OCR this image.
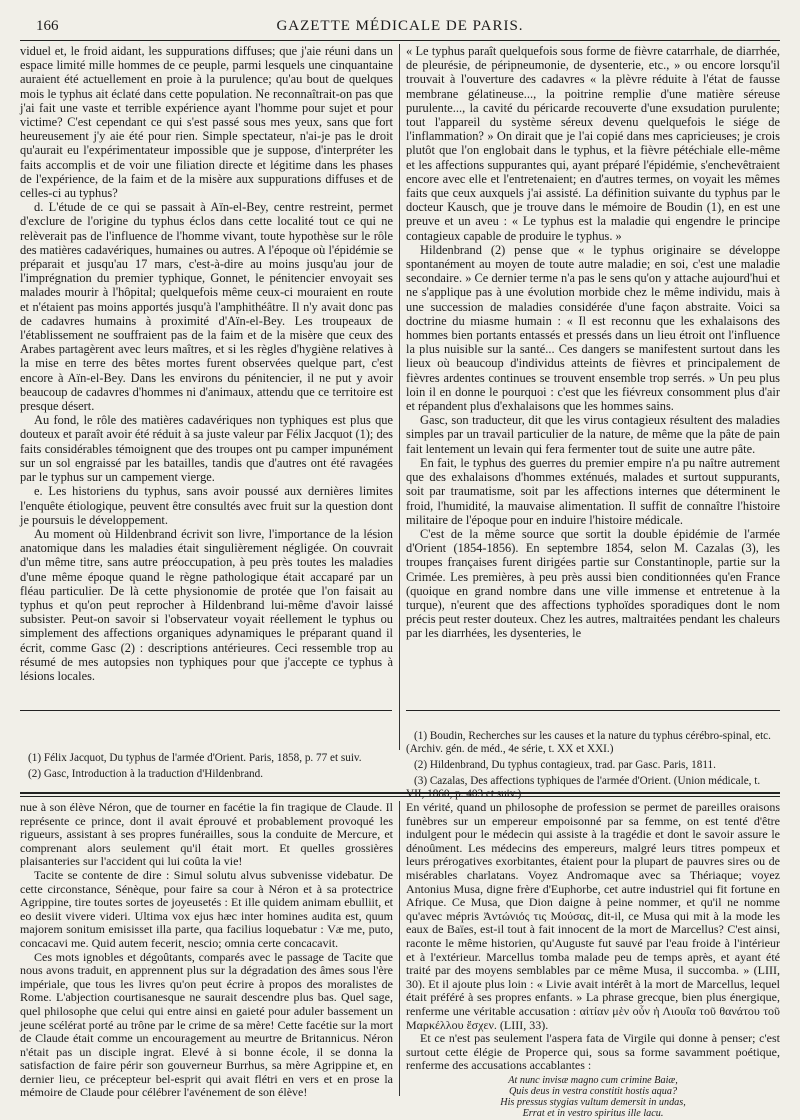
166	GAZETTE MÉDICALE DE PARIS.

viduel et, le froid aidant, les suppurations diffuses; que j'aie réuni dans un espace limité mille hommes de ce peuple, parmi lesquels une cinquantaine auraient été actuellement en proie à la purulence; qu'au bout de quelques mois le typhus ait éclaté dans cette population. Ne reconnaîtrait-on pas que j'ai fait une vaste et terrible expérience ayant l'homme pour sujet et pour victime? C'est cependant ce qui s'est passé sous mes yeux, sans que fort heureusement j'y aie été pour rien. Simple spectateur, n'ai-je pas le droit qu'aurait eu l'expérimentateur impossible que je suppose, d'interpréter les faits accomplis et de voir une filiation directe et légitime dans les phases de l'expérience, de la faim et de la misère aux suppurations diffuses et de celles-ci au typhus?

d. L'étude de ce qui se passait à Aïn-el-Bey, centre restreint, permet d'exclure de l'origine du typhus éclos dans cette localité tout ce qui ne relèverait pas de l'influence de l'homme vivant, toute hypothèse sur le rôle des matières cadavériques, humaines ou autres. A l'époque où l'épidémie se préparait et jusqu'au 17 mars, c'est-à-dire au moins jusqu'au jour de l'imprégnation du premier typhique, Gonnet, le pénitencier envoyait ses malades mourir à l'hôpital; quelquefois même ceux-ci mouraient en route et n'étaient pas moins apportés jusqu'à l'amphithéâtre. Il n'y avait donc pas de cadavres humains à proximité d'Aïn-el-Bey. Les troupeaux de l'établissement ne souffraient pas de la faim et de la misère que ceux des Arabes partagèrent avec leurs maîtres, et si les règles d'hygiène relatives à la mise en terre des bêtes mortes furent observées quelque part, c'est encore à Aïn-el-Bey. Dans les environs du pénitencier, il ne put y avoir beaucoup de cadavres d'hommes ni d'animaux, attendu que ce territoire est presque désert.

Au fond, le rôle des matières cadavériques non typhiques est plus que douteux et paraît avoir été réduit à sa juste valeur par Félix Jacquot (1); des faits considérables témoignent que des troupes ont pu camper impunément sur un sol engraissé par les batailles, tandis que d'autres ont été ravagées par le typhus sur un campement vierge.

e. Les historiens du typhus, sans avoir poussé aux dernières limites l'enquête étiologique, peuvent être consultés avec fruit sur la question dont je poursuis le développement.

Au moment où Hildenbrand écrivit son livre, l'importance de la lésion anatomique dans les maladies était singulièrement négligée. On couvrait d'un même titre, sans autre préoccupation, à peu près toutes les maladies d'une même époque quand le règne pathologique était accaparé par un fléau particulier. De là cette physionomie de protée que l'on faisait au typhus et qu'on peut reprocher à Hildenbrand lui-même d'avoir laissé subsister. Peut-on savoir si l'observateur voyait réellement le typhus ou simplement des affections organiques adynamiques le préparant quand il écrit, comme Gasc (2) : descriptions antérieures. Ceci ressemble trop au résumé de mes autopsies non typhiques pour que j'accepte ce typhus à lésions locales.

« Le typhus paraît quelquefois sous forme de fièvre catarrhale, de diarrhée, de pleurésie, de péripneumonie, de dysenterie, etc., » ou encore lorsqu'il trouvait à l'ouverture des cadavres « la plèvre réduite à l'état de fausse membrane gélatineuse..., la poitrine remplie d'une matière séreuse purulente..., la cavité du péricarde recouverte d'une exsudation purulente; tout l'appareil du système séreux devenu quelquefois le siége de l'inflammation? » On dirait que je l'ai copié dans mes capricieuses; je crois plutôt que l'on englobait dans le typhus, et la fièvre pétéchiale elle-même et les affections suppurantes qui, ayant préparé l'épidémie, s'enchevêtraient encore avec elle et l'entretenaient; en d'autres termes, on voyait les mêmes faits que ceux auxquels j'ai assisté. La définition suivante du typhus par le docteur Kausch, que je trouve dans le mémoire de Boudin (1), en est une preuve et un aveu : « Le typhus est la maladie qui engendre le principe contagieux capable de produire le typhus. »

Hildenbrand (2) pense que « le typhus originaire se développe spontanément au moyen de toute autre maladie; en soi, c'est une maladie secondaire. » Ce dernier terme n'a pas le sens qu'on y attache aujourd'hui et ne s'applique pas à une évolution morbide chez le même individu, mais à une succession de maladies considérée d'une façon abstraite. Voici sa doctrine du miasme humain : « Il est reconnu que les exhalaisons des hommes bien portants entassés et pressés dans un lieu étroit ont l'influence la plus nuisible sur la santé... Ces dangers se manifestent surtout dans les lieux où beaucoup d'individus atteints de fièvres et principalement de fièvres ardentes continues se trouvent ensemble trop serrés. » Un peu plus loin il en donne le pourquoi : c'est que les fiévreux consomment plus d'air et répandent plus d'exhalaisons que les hommes sains.

Gasc, son traducteur, dit que les virus contagieux résultent des maladies simples par un travail particulier de la nature, de même que la pâte de pain fait lentement un levain qui fera fermenter tout de suite une autre pâte.

En fait, le typhus des guerres du premier empire n'a pu naître autrement que des exhalaisons d'hommes exténués, malades et surtout suppurants, soit par traumatisme, soit par les affections internes que déterminent le froid, l'humidité, la mauvaise alimentation. Il suffit de connaître l'histoire militaire de l'époque pour en induire l'histoire médicale.

C'est de la même source que sortit la double épidémie de l'armée d'Orient (1854-1856). En septembre 1854, selon M. Cazalas (3), les troupes françaises furent dirigées partie sur Constantinople, partie sur la Crimée. Les premières, à peu près aussi bien conditionnées qu'en France (quoique en grand nombre dans une ville immense et entretenue à la turque), n'eurent que des affections typhoïdes sporadiques dont le nom précis peut rester douteux. Chez les autres, maltraitées pendant les chaleurs par les diarrhées, les dysenteries, le

(1) Félix Jacquot, Du typhus de l'armée d'Orient. Paris, 1858, p. 77 et suiv.

(2) Gasc, Introduction à la traduction d'Hildenbrand.

(1) Boudin, Recherches sur les causes et la nature du typhus cérébro-spinal, etc. (Archiv. gén. de méd., 4e série, t. XX et XXI.)

(2) Hildenbrand, Du typhus contagieux, trad. par Gasc. Paris, 1811.

(3) Cazalas, Des affections typhiques de l'armée d'Orient. (Union médicale, t. VII, 1860, p. 403 et suiv.)

nue à son élève Néron, que de tourner en facétie la fin tragique de Claude. Il représente ce prince, dont il avait éprouvé et probablement provoqué les rigueurs, assistant à ses propres funérailles, sous la conduite de Mercure, et comprenant alors seulement qu'il était mort. Et quelles grossières plaisanteries sur l'accident qui lui coûta la vie!

Tacite se contente de dire : Simul solutu alvus subvenisse videbatur. De cette circonstance, Sénèque, pour faire sa cour à Néron et à sa protectrice Agrippine, tire toutes sortes de joyeusetés : Et ille quidem animam ebulliit, et eo desiit vivere videri. Ultima vox ejus hæc inter homines audita est, quum majorem sonitum emisisset illa parte, qua facilius loquebatur : Væ me, puto, concacavi me. Quid autem fecerit, nescio; omnia certe concacavit.

Ces mots ignobles et dégoûtants, comparés avec le passage de Tacite que nous avons traduit, en apprennent plus sur la dégradation des âmes sous l'ère impériale, que tous les livres qu'on peut écrire à propos des moralistes de Rome. L'abjection courtisanesque ne saurait descendre plus bas. Quel sage, quel philosophe que celui qui entre ainsi en gaieté pour aduler bassement un jeune scélérat porté au trône par le crime de sa mère! Cette facétie sur la mort de Claude était comme un encouragement au meurtre de Britannicus. Néron n'était pas un disciple ingrat. Elevé à si bonne école, il se donna la satisfaction de faire périr son gouverneur Burrhus, sa mère Agrippine et, en dernier lieu, ce précepteur bel-esprit qui avait flétri en vers et en prose la mémoire de Claude pour célébrer l'avénement de son élève!

En vérité, quand un philosophe de profession se permet de pareilles oraisons funèbres sur un empereur empoisonné par sa femme, on est tenté d'être indulgent pour le médecin qui assiste à la tragédie et dont le savoir assure le dénoûment. Les médecins des empereurs, malgré leurs titres pompeux et leurs prérogatives exorbitantes, étaient pour la plupart de pauvres sires ou de misérables charlatans. Voyez Andromaque avec sa Thériaque; voyez Antonius Musa, digne frère d'Euphorbe, cet autre industriel qui fit fortune en Afrique. Ce Musa, que Dion daigne à peine nommer, et qu'il ne nomme qu'avec mépris Ἀντώνιός τις Μούσας, dit-il, ce Musa qui mit à la mode les eaux de Baïes, est-il tout à fait innocent de la mort de Marcellus? C'est ainsi, raconte le même historien, qu'Auguste fut sauvé par l'eau froide à l'intérieur et à l'extérieur. Marcellus tomba malade peu de temps après, et ayant été traité par des moyens semblables par ce même Musa, il succomba. » (LIII, 30). Et il ajoute plus loin : « Livie avait intérêt à la mort de Marcellus, lequel était préféré à ses propres enfants. » La phrase grecque, bien plus énergique, renferme une véritable accusation : αἰτίαν μὲν οὖν ἡ Λιουΐα τοῦ θανάτου τοῦ Μαρκέλλου ἔσχεν. (LIII, 33).

Et ce n'est pas seulement l'aspera fata de Virgile qui donne à penser; c'est surtout cette élégie de Properce qui, sous sa forme savamment poétique, renferme des accusations accablantes :

At nunc invisæ magno cum crimine Baiæ,
Quis deus in vestra constitit hostis aqua?
His pressus stygias vultum demersit in undas,
Errat et in vestro spiritus ille lacu.
